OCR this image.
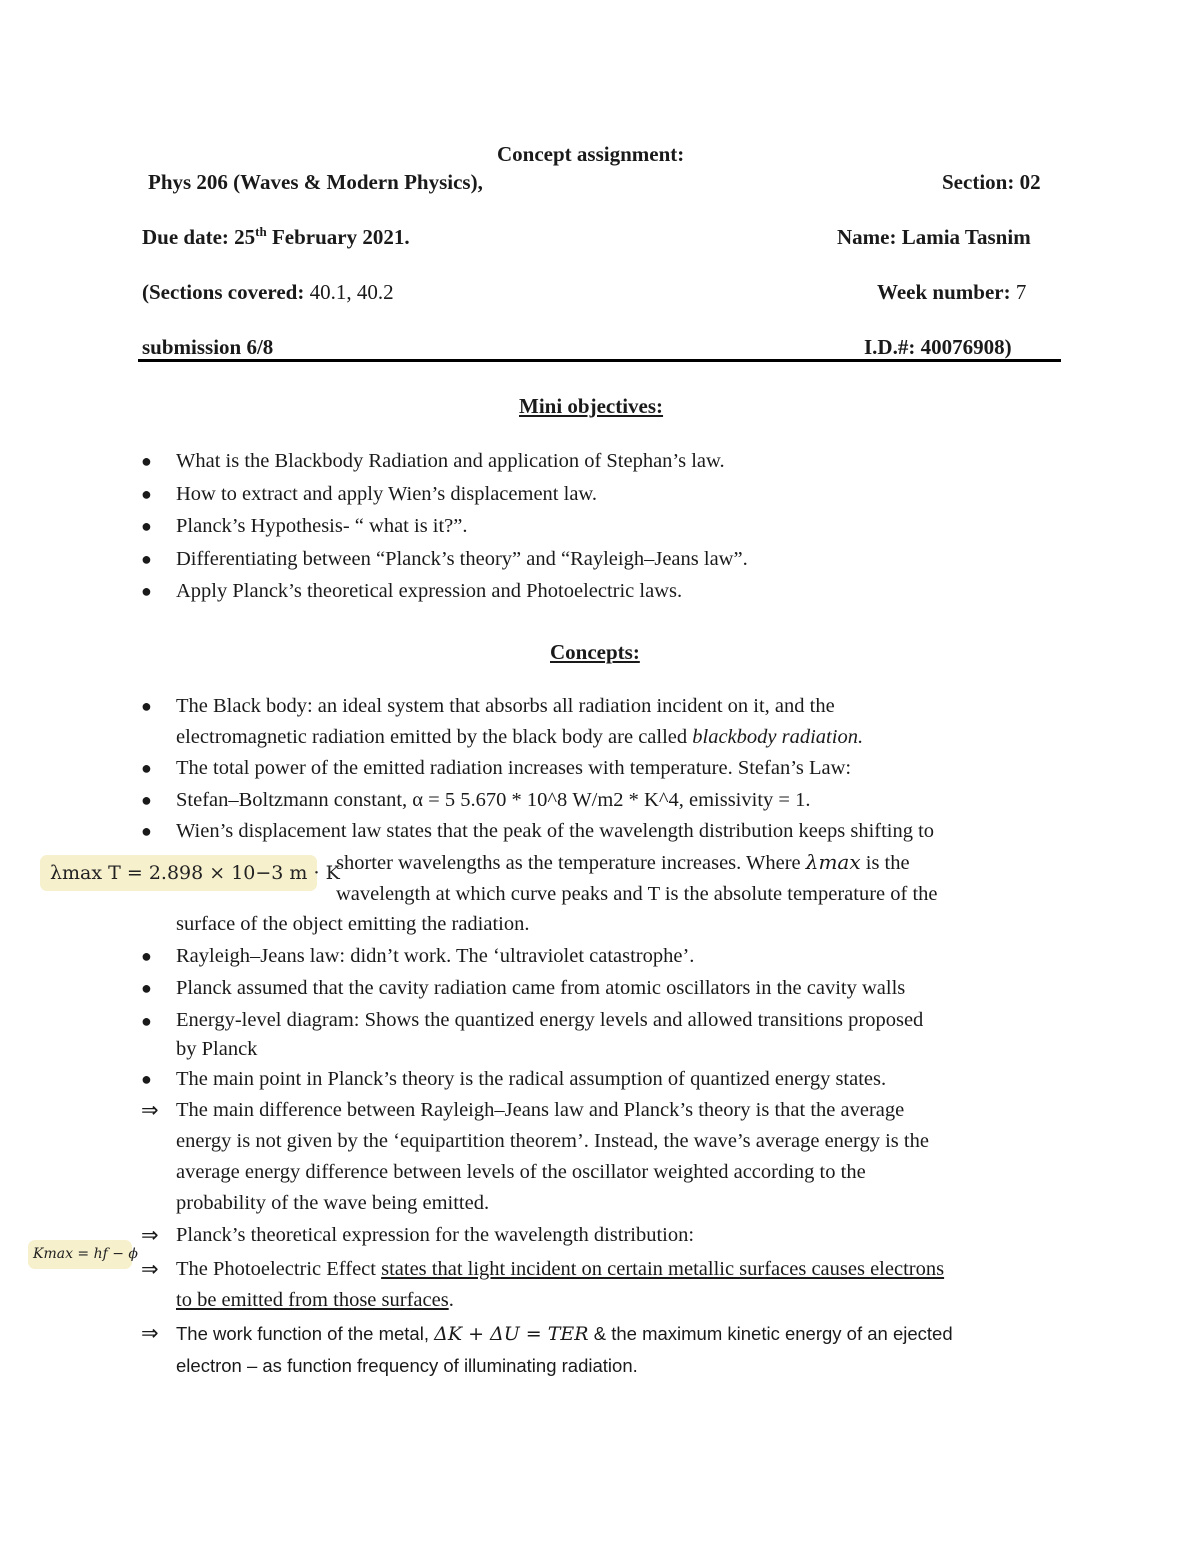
Concept assignment:
Phys 206 (Waves & Modern Physics),	Section: 02
Due date: 25th February 2021.	Name: Lamia Tasnim
(Sections covered: 40.1, 40.2	Week number: 7
submission 6/8	I.D.#: 40076908)
Mini objectives:
● What is the Blackbody Radiation and application of Stephan’s law.
● How to extract and apply Wien’s displacement law.
● Planck’s Hypothesis- “ what is it?”.
● Differentiating between “Planck’s theory” and “Rayleigh–Jeans law”.
● Apply Planck’s theoretical expression and Photoelectric laws.
Concepts:
● The Black body: an ideal system that absorbs all radiation incident on it, and the
electromagnetic radiation emitted by the black body are called blackbody radiation.
● The total power of the emitted radiation increases with temperature. Stefan’s Law:
● Stefan–Boltzmann constant, α = 5 5.670 * 10^8 W/m2 * K^4, emissivity = 1.
● Wien’s displacement law states that the peak of the wavelength distribution keeps shifting to
λmax T = 2.898 × 10−3 m · K
shorter wavelengths as the temperature increases. Where λmax is the
wavelength at which curve peaks and T is the absolute temperature of the
surface of the object emitting the radiation.
● Rayleigh–Jeans law: didn’t work. The ‘ultraviolet catastrophe’.
● Planck assumed that the cavity radiation came from atomic oscillators in the cavity walls
● Energy-level diagram: Shows the quantized energy levels and allowed transitions proposed
by Planck
● The main point in Planck’s theory is the radical assumption of quantized energy states.
⇒ The main difference between Rayleigh–Jeans law and Planck’s theory is that the average
energy is not given by the ‘equipartition theorem’. Instead, the wave’s average energy is the
average energy difference between levels of the oscillator weighted according to the
probability of the wave being emitted.
⇒ Planck’s theoretical expression for the wavelength distribution:
Kmax = hf − ϕ
⇒ The Photoelectric Effect states that light incident on certain metallic surfaces causes electrons
to be emitted from those surfaces.
⇒ The work function of the metal, ΔK + ΔU = TER & the maximum kinetic energy of an ejected
electron – as function frequency of illuminating radiation.
